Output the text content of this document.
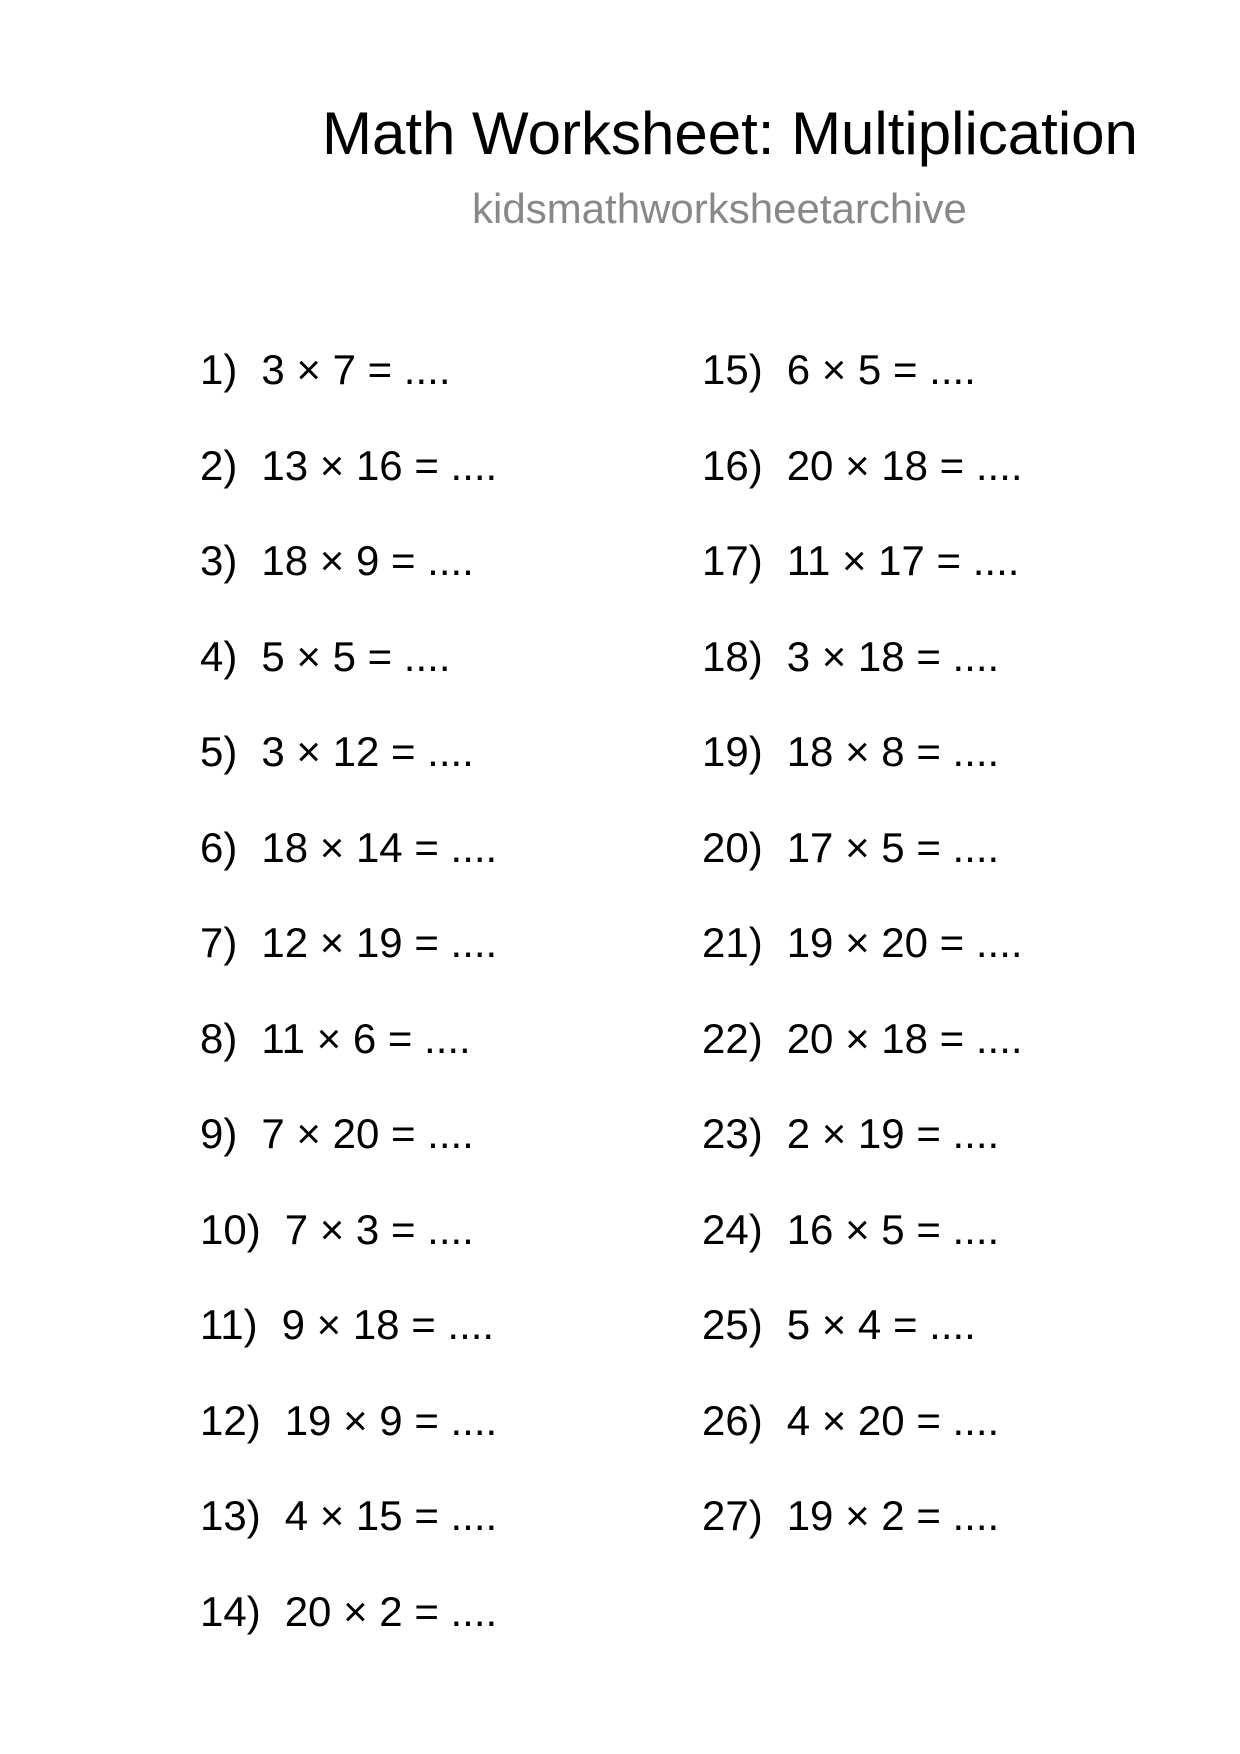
Math Worksheet: Multiplication
kidsmathworksheetarchive
1) 3 × 7 = ....
2) 13 × 16 = ....
3) 18 × 9 = ....
4) 5 × 5 = ....
5) 3 × 12 = ....
6) 18 × 14 = ....
7) 12 × 19 = ....
8) 11 × 6 = ....
9) 7 × 20 = ....
10) 7 × 3 = ....
11) 9 × 18 = ....
12) 19 × 9 = ....
13) 4 × 15 = ....
14) 20 × 2 = ....
15) 6 × 5 = ....
16) 20 × 18 = ....
17) 11 × 17 = ....
18) 3 × 18 = ....
19) 18 × 8 = ....
20) 17 × 5 = ....
21) 19 × 20 = ....
22) 20 × 18 = ....
23) 2 × 19 = ....
24) 16 × 5 = ....
25) 5 × 4 = ....
26) 4 × 20 = ....
27) 19 × 2 = ....
